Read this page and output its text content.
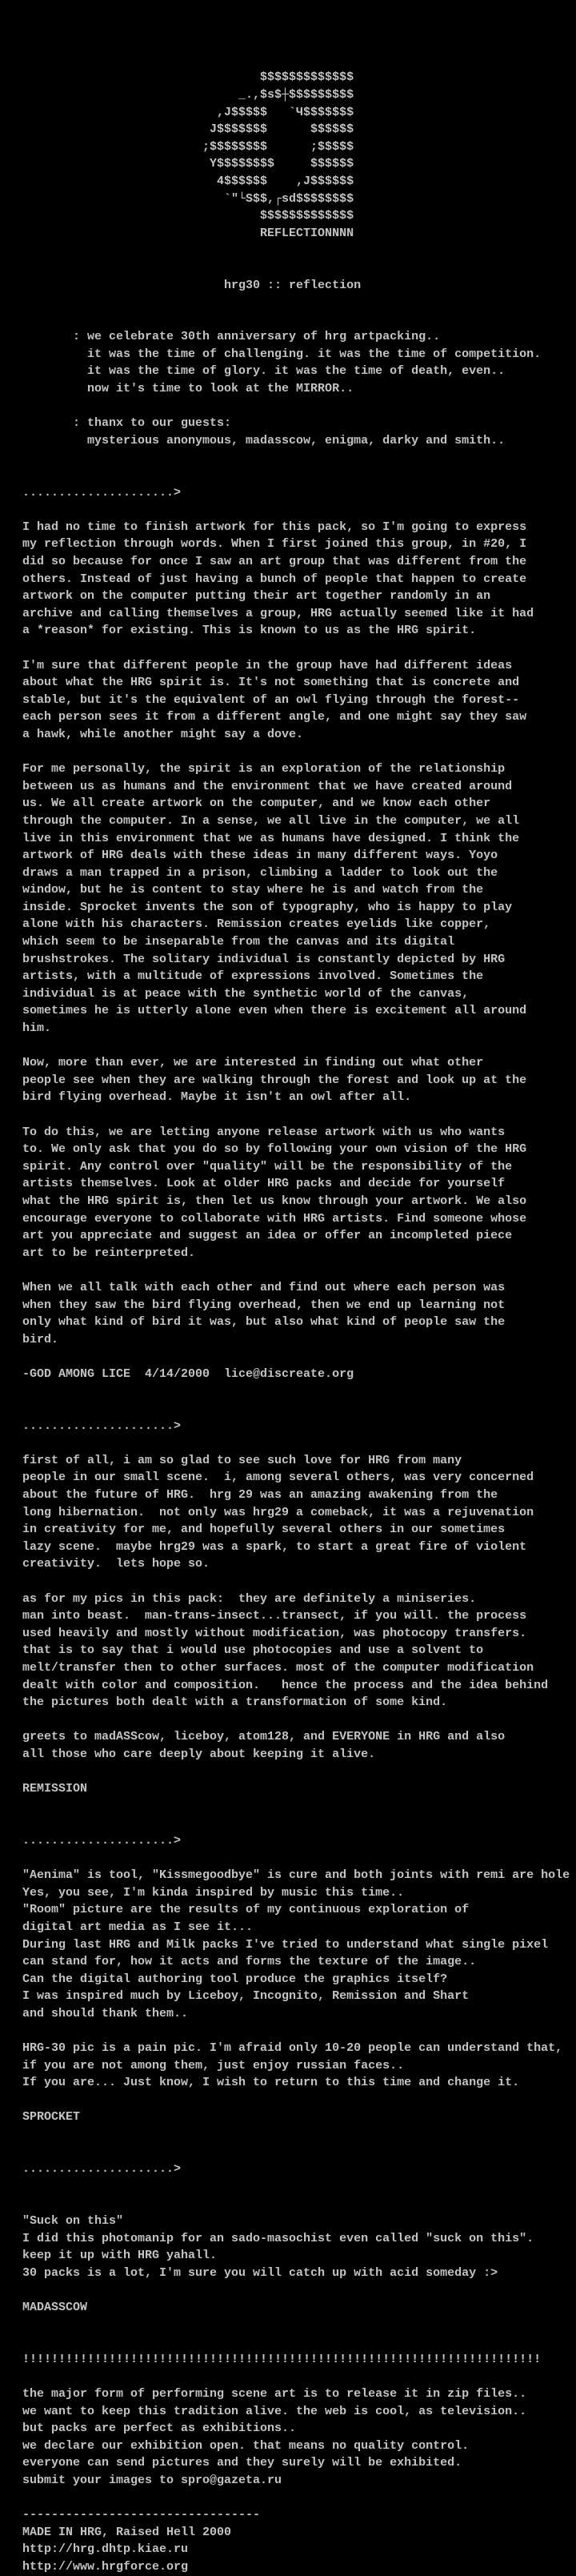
$$$$$$$$$$$$$
_.,$s$┼$$$$$$$$$
,J$$$$$   `Ч$$$$$$$
J$$$$$$$      $$$$$$
;$$$$$$$$      ;$$$$$
Y$$$$$$$$     $$$$$$
4$$$$$$    ,J$$$$$$
`"└S$$,┌sd$$$$$$$$
$$$$$$$$$$$$$
REFLECTIONNNN
hrg30 :: reflection
: we celebrate 30th anniversary of hrg artpacking..
it was the time of challenging. it was the time of competition.
it was the time of glory. it was the time of death, even..
now it's time to look at the MIRROR..
: thanx to our guests:
mysterious anonymous, madasscow, enigma, darky and smith..
.....................>
I had no time to finish artwork for this pack, so I'm going to express
my reflection through words. When I first joined this group, in #20, I
did so because for once I saw an art group that was different from the
others. Instead of just having a bunch of people that happen to create
artwork on the computer putting their art together randomly in an
archive and calling themselves a group, HRG actually seemed like it had
a *reason* for existing. This is known to us as the HRG spirit.
I'm sure that different people in the group have had different ideas
about what the HRG spirit is. It's not something that is concrete and
stable, but it's the equivalent of an owl flying through the forest--
each person sees it from a different angle, and one might say they saw
a hawk, while another might say a dove.
For me personally, the spirit is an exploration of the relationship
between us as humans and the environment that we have created around
us. We all create artwork on the computer, and we know each other
through the computer. In a sense, we all live in the computer, we all
live in this environment that we as humans have designed. I think the
artwork of HRG deals with these ideas in many different ways. Yoyo
draws a man trapped in a prison, climbing a ladder to look out the
window, but he is content to stay where he is and watch from the
inside. Sprocket invents the son of typography, who is happy to play
alone with his characters. Remission creates eyelids like copper,
which seem to be inseparable from the canvas and its digital
brushstrokes. The solitary individual is constantly depicted by HRG
artists, with a multitude of expressions involved. Sometimes the
individual is at peace with the synthetic world of the canvas,
sometimes he is utterly alone even when there is excitement all around
him.
Now, more than ever, we are interested in finding out what other
people see when they are walking through the forest and look up at the
bird flying overhead. Maybe it isn't an owl after all.
To do this, we are letting anyone release artwork with us who wants
to. We only ask that you do so by following your own vision of the HRG
spirit. Any control over "quality" will be the responsibility of the
artists themselves. Look at older HRG packs and decide for yourself
what the HRG spirit is, then let us know through your artwork. We also
encourage everyone to collaborate with HRG artists. Find someone whose
art you appreciate and suggest an idea or offer an incompleted piece
art to be reinterpreted.
When we all talk with each other and find out where each person was
when they saw the bird flying overhead, then we end up learning not
only what kind of bird it was, but also what kind of people saw the
bird.
-GOD AMONG LICE  4/14/2000  lice@discreate.org
.....................>
first of all, i am so glad to see such love for HRG from many
people in our small scene.  i, among several others, was very concerned
about the future of HRG.  hrg 29 was an amazing awakening from the
long hibernation.  not only was hrg29 a comeback, it was a rejuvenation
in creativity for me, and hopefully several others in our sometimes
lazy scene.  maybe hrg29 was a spark, to start a great fire of violent
creativity.  lets hope so.
as for my pics in this pack:  they are definitely a miniseries.
man into beast.  man-trans-insect...transect, if you will. the process
used heavily and mostly without modification, was photocopy transfers.
that is to say that i would use photocopies and use a solvent to
melt/transfer then to other surfaces. most of the computer modification
dealt with color and composition.   hence the process and the idea behind
the pictures both dealt with a transformation of some kind.
greets to madASScow, liceboy, atom128, and EVERYONE in HRG and also
all those who care deeply about keeping it alive.
REMISSION
.....................>
"Aenima" is tool, "Kissmegoodbye" is cure and both joints with remi are hole
Yes, you see, I'm kinda inspired by music this time..
"Room" picture are the results of my continuous exploration of
digital art media as I see it...
During last HRG and Milk packs I've tried to understand what single pixel
can stand for, how it acts and forms the texture of the image..
Can the digital authoring tool produce the graphics itself?
I was inspired much by Liceboy, Incognito, Remission and Shart
and should thank them..
HRG-30 pic is a pain pic. I'm afraid only 10-20 people can understand that,
if you are not among them, just enjoy russian faces..
If you are... Just know, I wish to return to this time and change it.
SPROCKET
.....................>
"Suck on this"
I did this photomanip for an sado-masochist even called "suck on this".
keep it up with HRG yahall.
30 packs is a lot, I'm sure you will catch up with acid someday :>
MADASSCOW
!!!!!!!!!!!!!!!!!!!!!!!!!!!!!!!!!!!!!!!!!!!!!!!!!!!!!!!!!!!!!!!!!!!!!!!!
the major form of performing scene art is to release it in zip files..
we want to keep this tradition alive. the web is cool, as television..
but packs are perfect as exhibitions..
we declare our exhibition open. that means no quality control.
everyone can send pictures and they surely will be exhibited.
submit your images to spro@gazeta.ru
---------------------------------
MADE IN HRG, Raised Hell 2000
http://hrg.dhtp.kiae.ru
http://www.hrgforce.org
